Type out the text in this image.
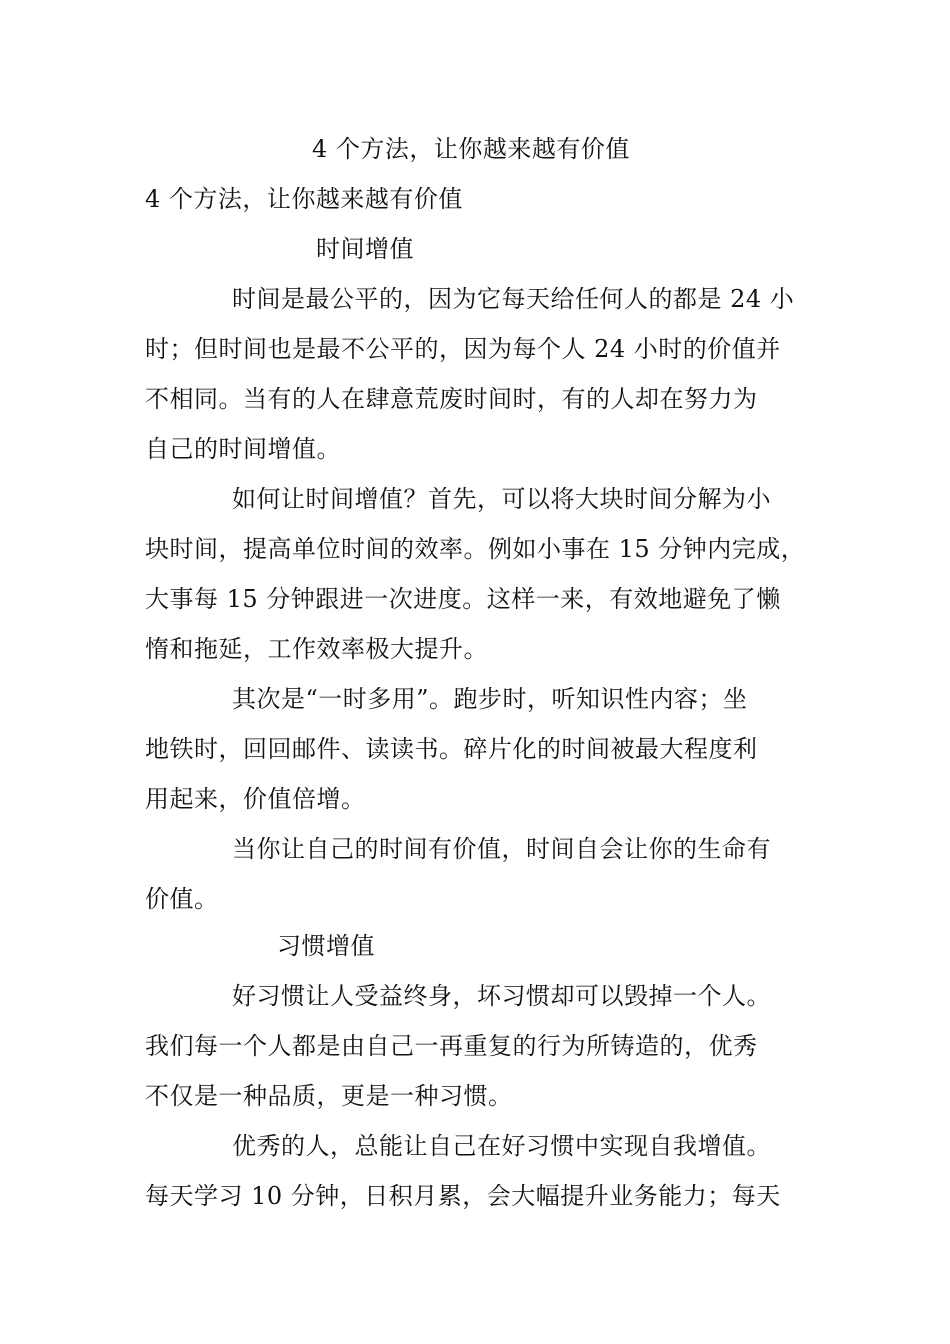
4 个方法，让你越来越有价值
4 个方法，让你越来越有价值
时间增值
时间是最公平的，因为它每天给任何人的都是 24 小
时；但时间也是最不公平的，因为每个人 24 小时的价值并
不相同。当有的人在肆意荒废时间时，有的人却在努力为
自己的时间增值。
如何让时间增值？首先，可以将大块时间分解为小
块时间，提高单位时间的效率。例如小事在 15 分钟内完成，
大事每 15 分钟跟进一次进度。这样一来，有效地避免了懒
惰和拖延，工作效率极大提升。
其次是“一时多用”。跑步时，听知识性内容；坐
地铁时，回回邮件、读读书。碎片化的时间被最大程度利
用起来，价值倍增。
当你让自己的时间有价值，时间自会让你的生命有
价值。
习惯增值
好习惯让人受益终身，坏习惯却可以毁掉一个人。
我们每一个人都是由自己一再重复的行为所铸造的，优秀
不仅是一种品质，更是一种习惯。
优秀的人，总能让自己在好习惯中实现自我增值。
每天学习 10 分钟，日积月累，会大幅提升业务能力；每天
